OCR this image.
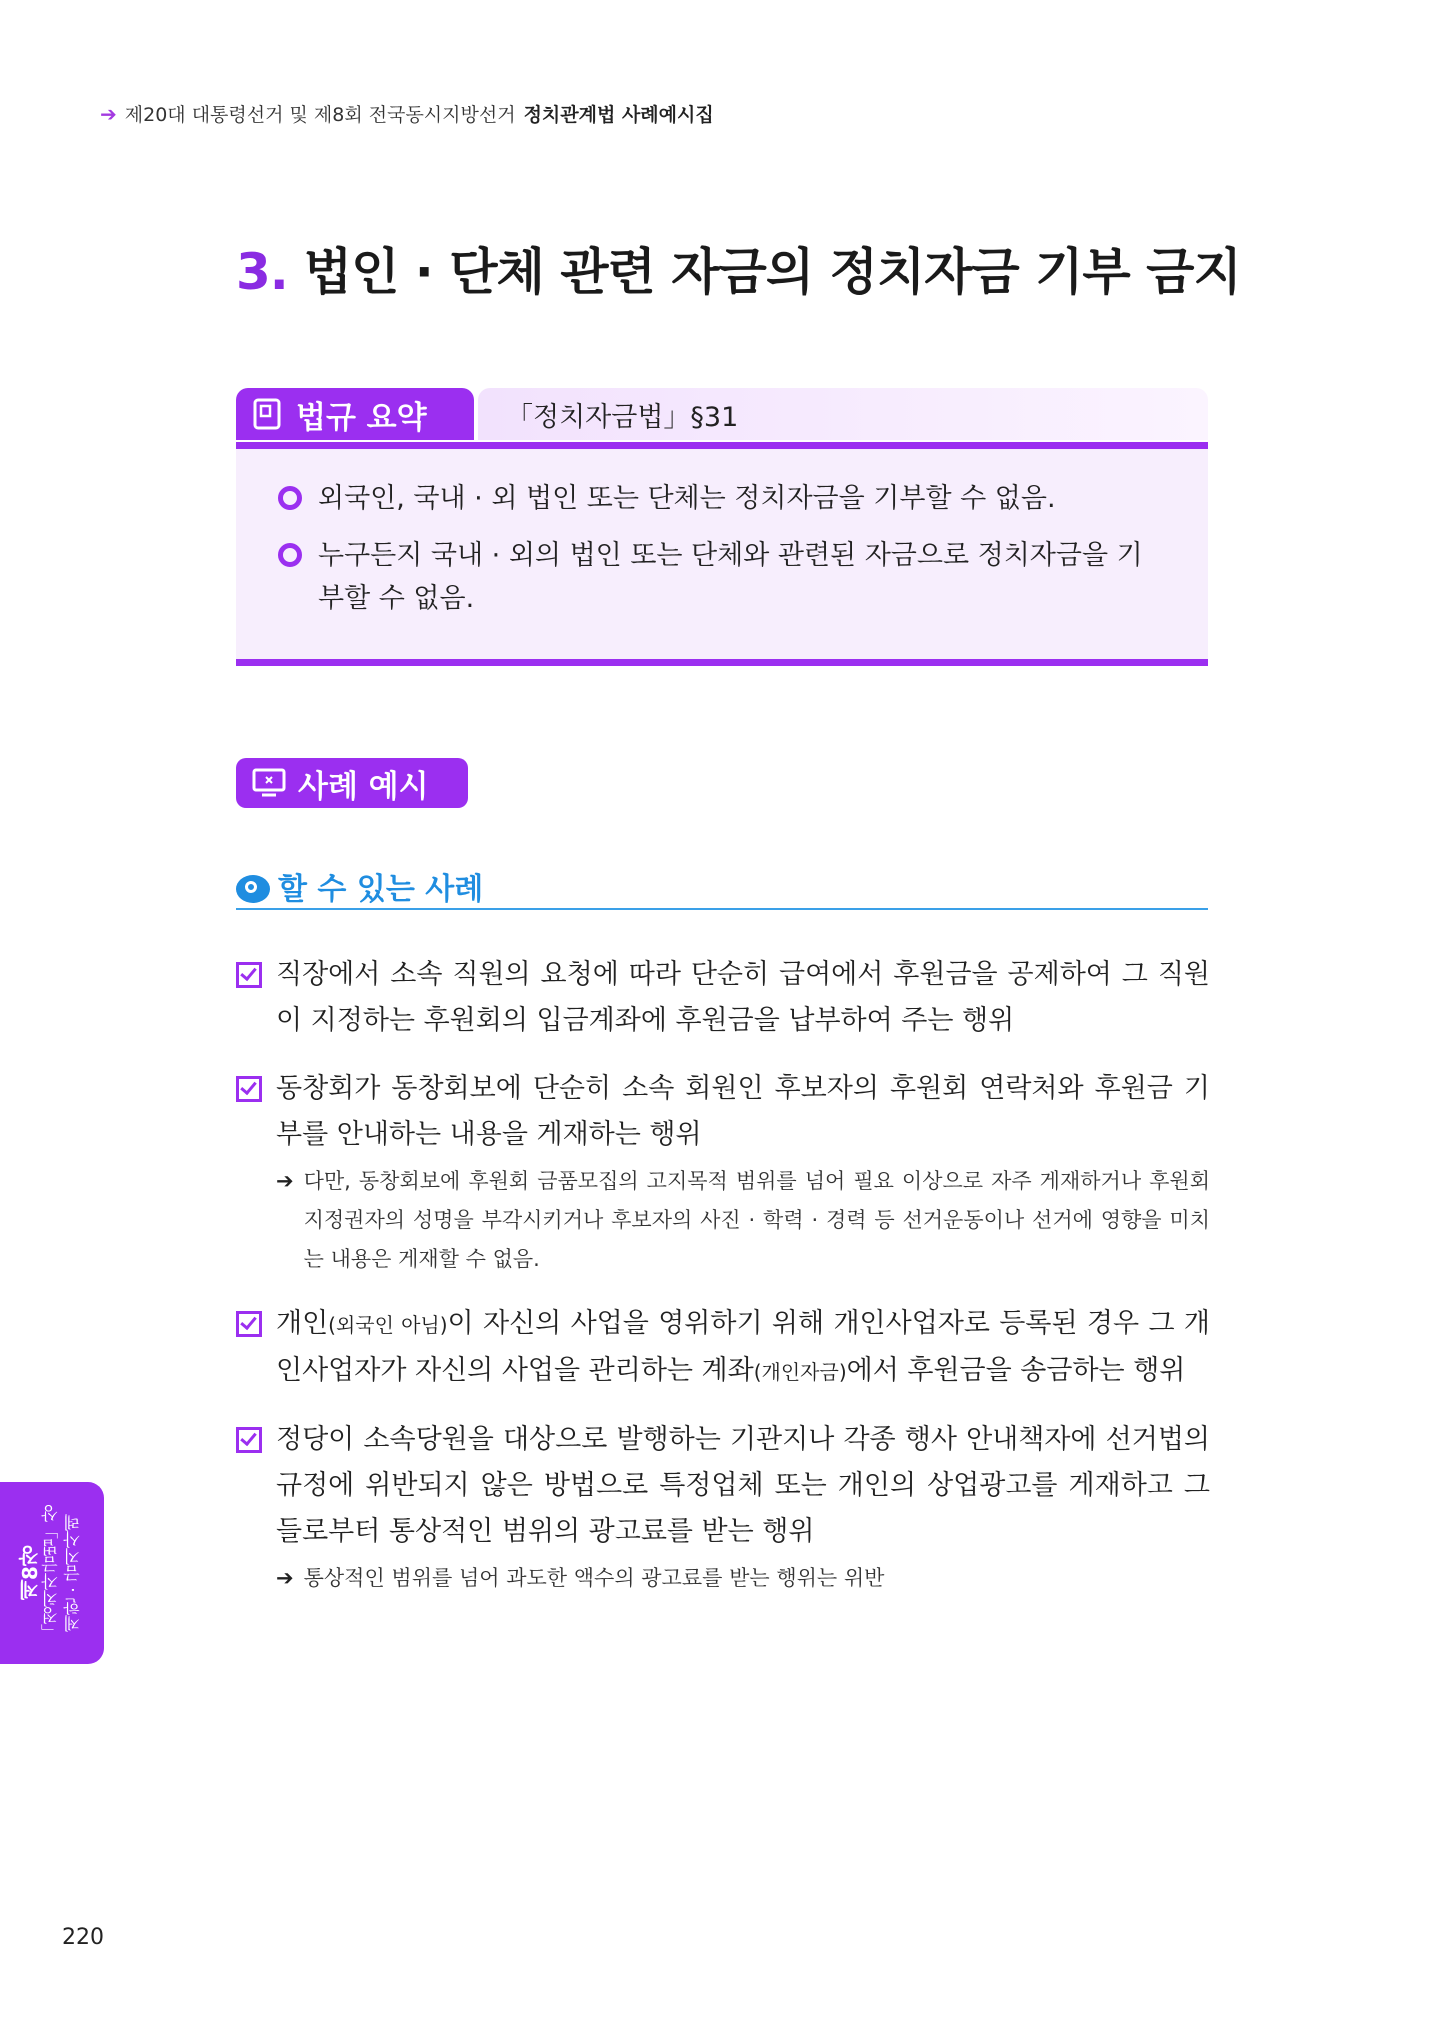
➔ 제20대 대통령선거 및 제8회 전국동시지방선거 정치관계법 사례예시집
3. 법인 · 단체 관련 자금의 정치자금 기부 금지
법규 요약	「정치자금법」§31
외국인, 국내 · 외 법인 또는 단체는 정치자금을 기부할 수 없음.
누구든지 국내 · 외의 법인 또는 단체와 관련된 자금으로 정치자금을 기부할 수 없음.
사례 예시
할 수 있는 사례
직장에서 소속 직원의 요청에 따라 단순히 급여에서 후원금을 공제하여 그 직원이 지정하는 후원회의 입금계좌에 후원금을 납부하여 주는 행위
동창회가 동창회보에 단순히 소속 회원인 후보자의 후원회 연락처와 후원금 기부를 안내하는 내용을 게재하는 행위
➔ 다만, 동창회보에 후원회 금품모집의 고지목적 범위를 넘어 필요 이상으로 자주 게재하거나 후원회지정권자의 성명을 부각시키거나 후보자의 사진 · 학력 · 경력 등 선거운동이나 선거에 영향을 미치는 내용은 게재할 수 없음.
개인(외국인 아님)이 자신의 사업을 영위하기 위해 개인사업자로 등록된 경우 그 개인사업자가 자신의 사업을 관리하는 계좌(개인자금)에서 후원금을 송금하는 행위
정당이 소속당원을 대상으로 발행하는 기관지나 각종 행사 안내책자에 선거법의 규정에 위반되지 않은 방법으로 특정업체 또는 개인의 상업광고를 게재하고 그들로부터 통상적인 범위의 광고료를 받는 행위
➔ 통상적인 범위를 넘어 과도한 액수의 광고료를 받는 행위는 위반
제8장
「정치자금법」상 제한 · 금지사례
220
